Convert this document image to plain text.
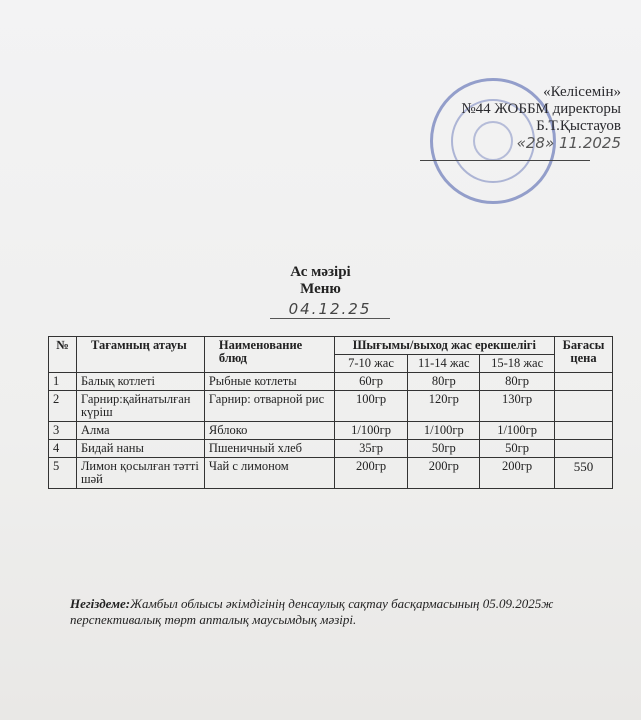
«Келісемін»
№44 ЖОББМ директоры
Б.Т.Қыстауов
«28» 11.2025
Ас мәзірі
Меню
04.12.25
№	Тағамның атауы	Наименование блюд	Шығымы/выход жас ерекшелігі			Бағасы цена
			7-10 жас	11-14 жас	15-18 жас	
1	Балық котлеті	Рыбные котлеты	60гр	80гр	80гр	
2	Гарнир:қайнатылған күріш	Гарнир: отварной рис	100гр	120гр	130гр	
3	Алма	Яблоко	1/100гр	1/100гр	1/100гр	
4	Бидай наны	Пшеничный хлеб	35гр	50гр	50гр	
5	Лимон қосылған тәтті шәй	Чай с лимоном	200гр	200гр	200гр	550
Негіздеме:Жамбыл облысы әкімдігінің денсаулық сақтау басқармасының 05.09.2025ж перспективалық төрт апталық маусымдық мәзірі.
